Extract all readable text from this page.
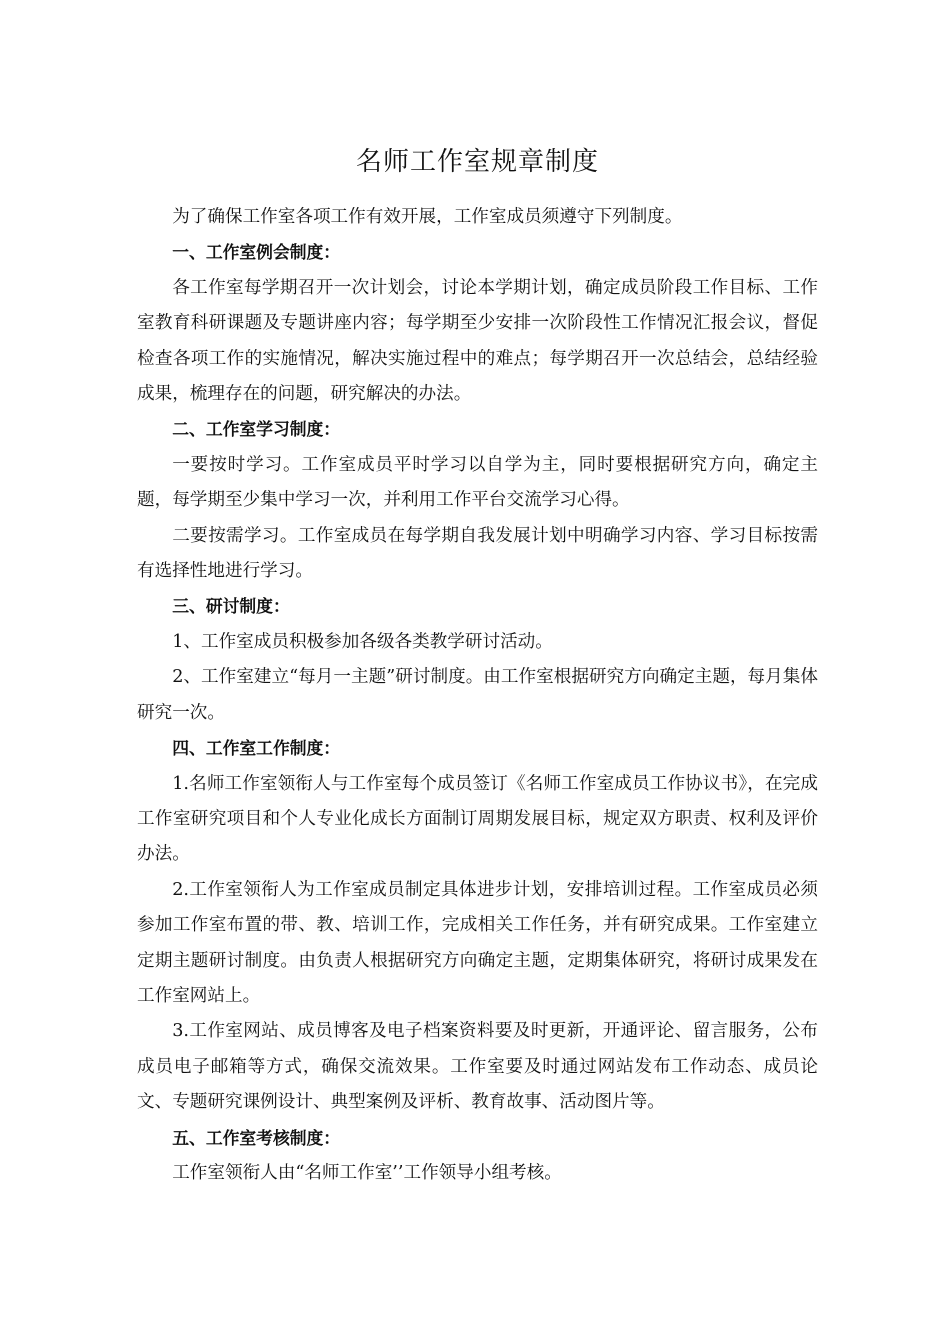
名师工作室规章制度

为了确保工作室各项工作有效开展，工作室成员须遵守下列制度。

一、工作室例会制度：

各工作室每学期召开一次计划会，讨论本学期计划，确定成员阶段工作目标、工作室教育科研课题及专题讲座内容；每学期至少安排一次阶段性工作情况汇报会议，督促检查各项工作的实施情况，解决实施过程中的难点；每学期召开一次总结会，总结经验成果，梳理存在的问题，研究解决的办法。

二、工作室学习制度：

一要按时学习。工作室成员平时学习以自学为主，同时要根据研究方向，确定主题，每学期至少集中学习一次，并利用工作平台交流学习心得。

二要按需学习。工作室成员在每学期自我发展计划中明确学习内容、学习目标按需有选择性地进行学习。

三、研讨制度：

1、工作室成员积极参加各级各类教学研讨活动。

2、工作室建立“每月一主题”研讨制度。由工作室根据研究方向确定主题，每月集体研究一次。

四、工作室工作制度：

1.名师工作室领衔人与工作室每个成员签订《名师工作室成员工作协议书》，在完成工作室研究项目和个人专业化成长方面制订周期发展目标，规定双方职责、权利及评价办法。

2.工作室领衔人为工作室成员制定具体进步计划，安排培训过程。工作室成员必须参加工作室布置的带、教、培训工作，完成相关工作任务，并有研究成果。工作室建立定期主题研讨制度。由负责人根据研究方向确定主题，定期集体研究，将研讨成果发在工作室网站上。

3.工作室网站、成员博客及电子档案资料要及时更新，开通评论、留言服务，公布成员电子邮箱等方式，确保交流效果。工作室要及时通过网站发布工作动态、成员论文、专题研究课例设计、典型案例及评析、教育故事、活动图片等。

五、工作室考核制度：

工作室领衔人由“名师工作室’’工作领导小组考核。
